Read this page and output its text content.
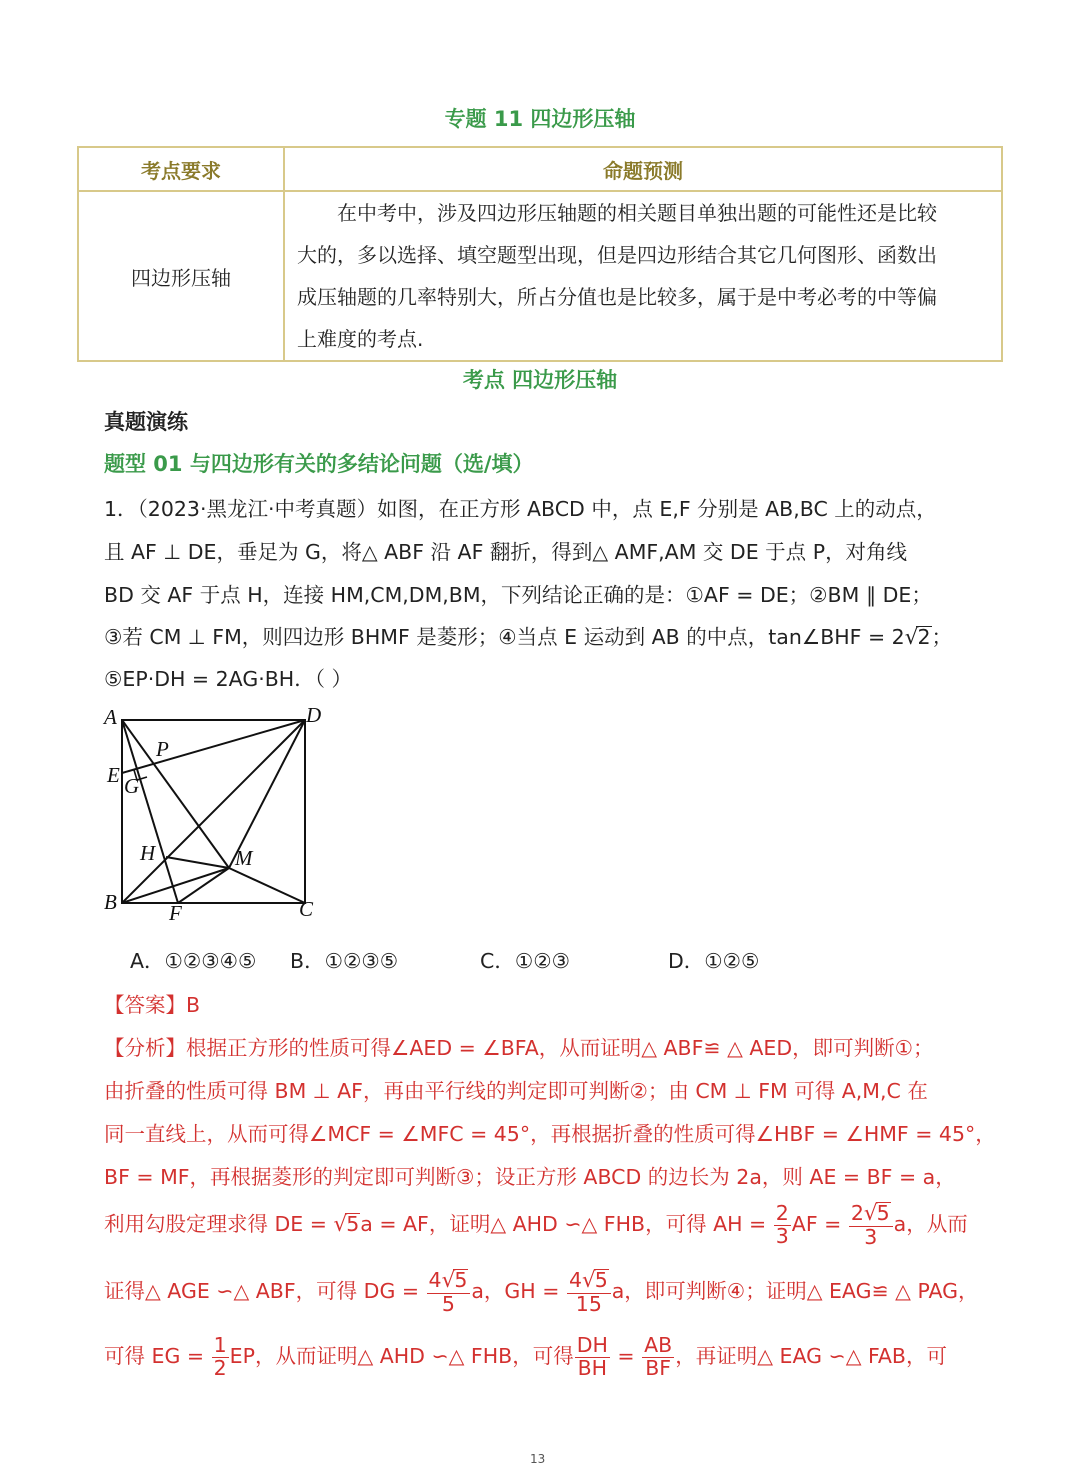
专题 11 四边形压轴
考点要求	命题预测
四边形压轴	在中考中，涉及四边形压轴题的相关题目单独出题的可能性还是比较

大的，多以选择、填空题型出现，但是四边形结合其它几何图形、函数出
成压轴题的几率特别大，所占分值也是比较多，属于是中考必考的中等偏
上难度的考点.
考点 四边形压轴
真题演练
题型 01 与四边形有关的多结论问题（选/填）
1．（2023·黑龙江·中考真题）如图，在正方形 ABCD 中，点 E,F 分别是 AB,BC 上的动点，
且 AF ⊥ DE，垂足为 G，将△ ABF 沿 AF 翻折，得到△ AMF,AM 交 DE 于点 P，对角线
BD 交 AF 于点 H，连接 HM,CM,DM,BM，下列结论正确的是：①AF = DE；②BM ∥ DE；
③若 CM ⊥ FM，则四边形 BHMF 是菱形；④当点 E 运动到 AB 的中点，tan∠BHF = 2√2；
⑤EP·DH = 2AG·BH．（ ）
A	D
B	C
E G
P
H	M
F
A．①②③④⑤ B．①②③⑤	C．①②③	D．①②⑤
【答案】B
【分析】根据正方形的性质可得∠AED = ∠BFA，从而证明△ ABF≌ △ AED，即可判断①；
由折叠的性质可得 BM ⊥ AF，再由平行线的判定即可判断②；由 CM ⊥ FM 可得 A,M,C 在
同一直线上，从而可得∠MCF = ∠MFC = 45°，再根据折叠的性质可得∠HBF = ∠HMF = 45°，
BF = MF，再根据菱形的判定即可判断③；设正方形 ABCD 的边长为 2a，则 AE = BF = a，
利用勾股定理求得 DE = √5a = AF，证明△ AHD ∽△ FHB，可得 AH = $\frac{2}{3}$ AF = $\frac{2√5}{3}$ a，从而
证得△ AGE ∽△ ABF，可得 DG = $\frac{4√5}{5}$ a，GH = $\frac{4√5}{15}$ a，即可判断④；证明△ EAG≌ △ PAG，
可得 EG = $\frac{1}{2}$ EP，从而证明△ AHD ∽△ FHB，可得 $\frac{DH}{BH} = \frac{AB}{BF}$ ，再证明△ EAG ∽△ FAB，可
13
